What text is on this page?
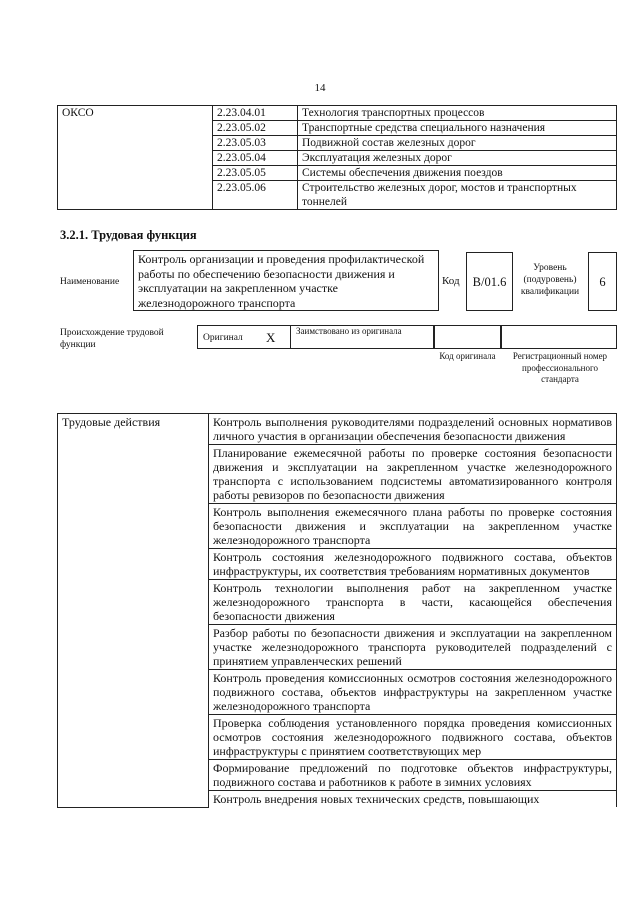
14
ОКСО	2.23.04.01	Технология транспортных процессов
	2.23.05.02	Транспортные средства специального назначения
	2.23.05.03	Подвижной состав железных дорог
	2.23.05.04	Эксплуатация железных дорог
	2.23.05.05	Системы обеспечения движения поездов
	2.23.05.06	Строительство железных дорог, мостов и транспортных тоннелей
3.2.1. Трудовая функция
Наименование
Контроль организации и проведения профилактической работы по обеспечению безопасности движения и эксплуатации на закрепленном участке железнодорожного транспорта
Код	B/01.6
Уровень (подуровень) квалификации
6
Происхождение трудовой функции
Оригинал X Заимствовано из оригинала
Код оригинала	Регистрационный номер профессионального стандарта
Трудовые действия	Контроль выполнения руководителями подразделений основных нормативов личного участия в организации обеспечения безопасности движения
Планирование ежемесячной работы по проверке состояния безопасности движения и эксплуатации на закрепленном участке железнодорожного транспорта с использованием подсистемы автоматизированного контроля работы ревизоров по безопасности движения
Контроль выполнения ежемесячного плана работы по проверке состояния безопасности движения и эксплуатации на закрепленном участке железнодорожного транспорта
Контроль состояния железнодорожного подвижного состава, объектов инфраструктуры, их соответствия требованиям нормативных документов
Контроль технологии выполнения работ на закрепленном участке железнодорожного транспорта в части, касающейся обеспечения безопасности движения
Разбор работы по безопасности движения и эксплуатации на закрепленном участке железнодорожного транспорта руководителей подразделений с принятием управленческих решений
Контроль проведения комиссионных осмотров состояния железнодорожного подвижного состава, объектов инфраструктуры на закрепленном участке железнодорожного транспорта
Проверка соблюдения установленного порядка проведения комиссионных осмотров состояния железнодорожного подвижного состава, объектов инфраструктуры с принятием соответствующих мер
Формирование предложений по подготовке объектов инфраструктуры, подвижного состава и работников к работе в зимних условиях
Контроль внедрения новых технических средств, повышающих
